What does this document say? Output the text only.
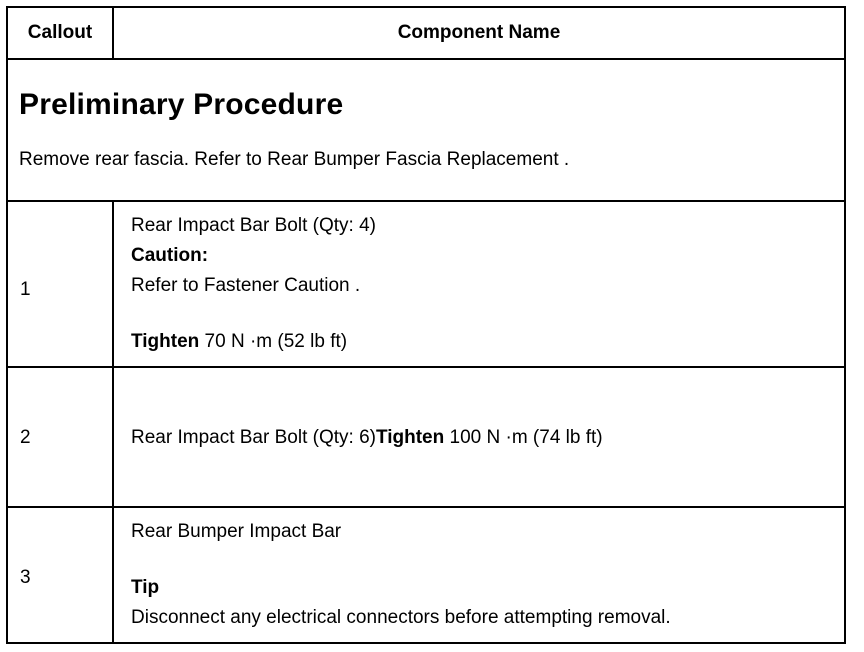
Callout	Component Name
Preliminary Procedure
Remove rear fascia. Refer to Rear Bumper Fascia Replacement .
1
Rear Impact Bar Bolt (Qty: 4)
Caution:
Refer to Fastener Caution .
Tighten 70 N ·m (52 lb ft)
2	Rear Impact Bar Bolt (Qty: 6)Tighten 100 N ·m (74 lb ft)
3
Rear Bumper Impact Bar
Tip
Disconnect any electrical connectors before attempting removal.
